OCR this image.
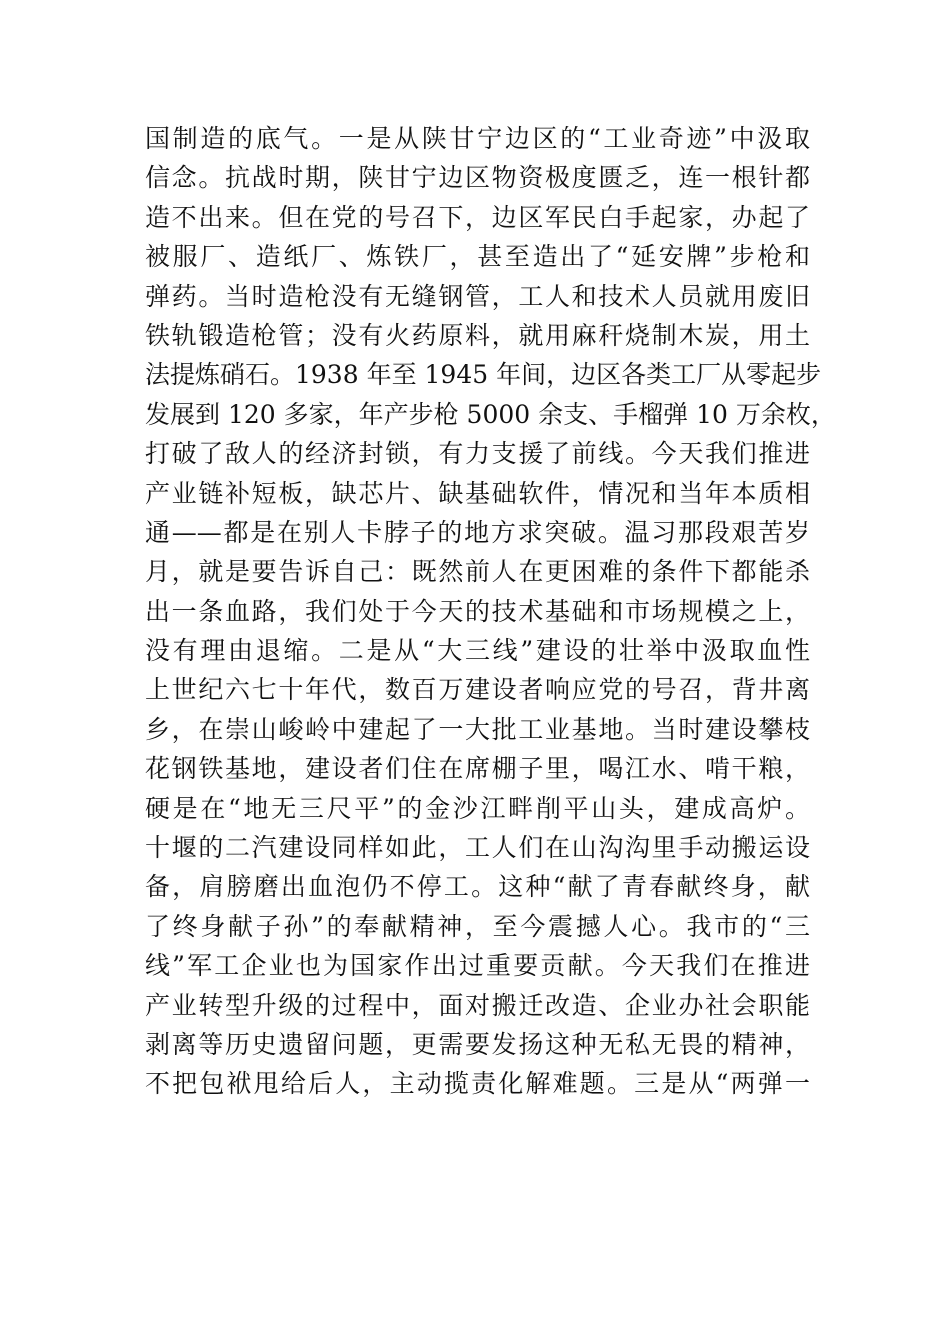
国制造的底气。一是从陕甘宁边区的“工业奇迹”中汲取
信念。抗战时期，陕甘宁边区物资极度匮乏，连一根针都
造不出来。但在党的号召下，边区军民白手起家，办起了
被服厂、造纸厂、炼铁厂，甚至造出了“延安牌”步枪和
弹药。当时造枪没有无缝钢管，工人和技术人员就用废旧
铁轨锻造枪管；没有火药原料，就用麻秆烧制木炭，用土
法提炼硝石。1938 年至 1945 年间，边区各类工厂从零起步
发展到 120 多家，年产步枪 5000 余支、手榴弹 10 万余枚，
打破了敌人的经济封锁，有力支援了前线。今天我们推进
产业链补短板，缺芯片、缺基础软件，情况和当年本质相
通——都是在别人卡脖子的地方求突破。温习那段艰苦岁
月，就是要告诉自己：既然前人在更困难的条件下都能杀
出一条血路，我们处于今天的技术基础和市场规模之上，
没有理由退缩。二是从“大三线”建设的壮举中汲取血性
上世纪六七十年代，数百万建设者响应党的号召，背井离
乡，在崇山峻岭中建起了一大批工业基地。当时建设攀枝
花钢铁基地，建设者们住在席棚子里，喝江水、啃干粮，
硬是在“地无三尺平”的金沙江畔削平山头，建成高炉。
十堰的二汽建设同样如此，工人们在山沟沟里手动搬运设
备，肩膀磨出血泡仍不停工。这种“献了青春献终身，献
了终身献子孙”的奉献精神，至今震撼人心。我市的“三
线”军工企业也为国家作出过重要贡献。今天我们在推进
产业转型升级的过程中，面对搬迁改造、企业办社会职能
剥离等历史遗留问题，更需要发扬这种无私无畏的精神，
不把包袱甩给后人，主动揽责化解难题。三是从“两弹一
